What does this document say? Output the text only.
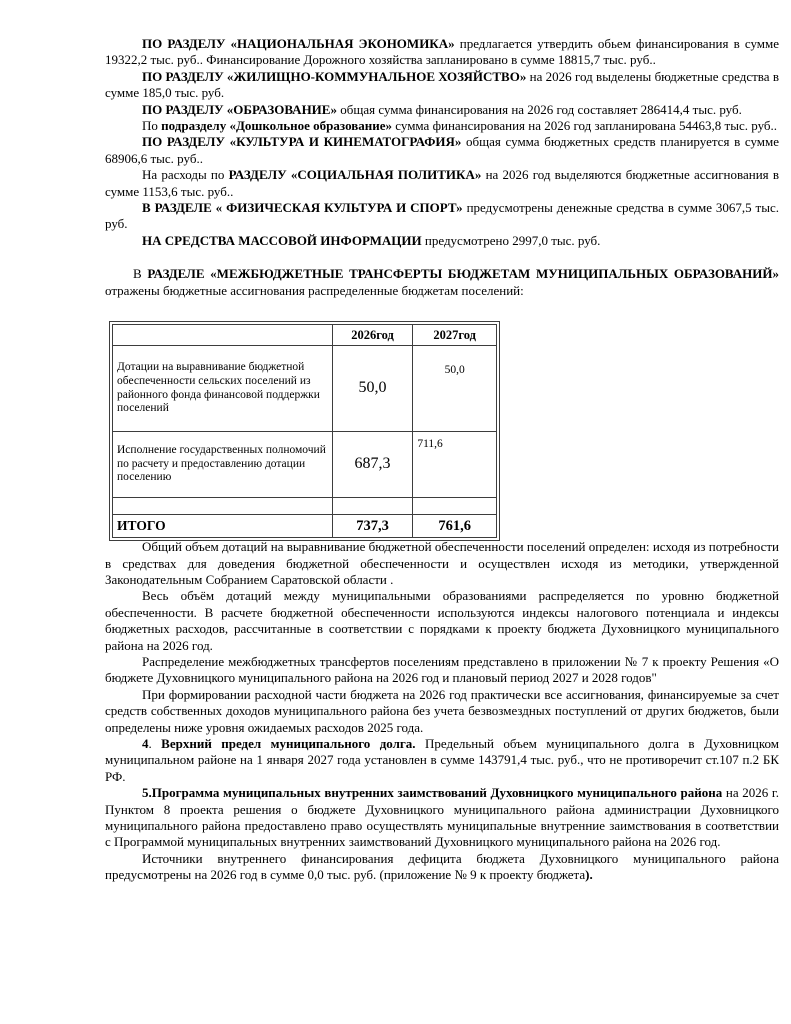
ПО РАЗДЕЛУ «НАЦИОНАЛЬНАЯ ЭКОНОМИКА» предлагается утвердить обьем финансирования в сумме 19322,2 тыс. руб.. Финансирование Дорожного хозяйства запланировано в сумме 18815,7 тыс. руб..

ПО РАЗДЕЛУ «ЖИЛИЩНО-КОММУНАЛЬНОЕ ХОЗЯЙСТВО» на 2026 год выделены бюджетные средства в сумме 185,0 тыс. руб.

ПО РАЗДЕЛУ «ОБРАЗОВАНИЕ» общая сумма финансирования на 2026 год составляет 286414,4 тыс. руб.

По подразделу «Дошкольное образование» сумма финансирования на 2026 год запланирована 54463,8 тыс. руб..

ПО РАЗДЕЛУ «КУЛЬТУРА И КИНЕМАТОГРАФИЯ» общая сумма бюджетных средств планируется в сумме 68906,6 тыс. руб..

На расходы по РАЗДЕЛУ «СОЦИАЛЬНАЯ ПОЛИТИКА» на 2026 год выделяются бюджетные ассигнования в сумме 1153,6 тыс. руб..

В РАЗДЕЛЕ « ФИЗИЧЕСКАЯ КУЛЬТУРА И СПОРТ» предусмотрены денежные средства в сумме 3067,5 тыс. руб.

НА СРЕДСТВА МАССОВОЙ ИНФОРМАЦИИ предусмотрено 2997,0 тыс. руб.

В РАЗДЕЛЕ «МЕЖБЮДЖЕТНЫЕ ТРАНСФЕРТЫ БЮДЖЕТАМ МУНИЦИПАЛЬНЫХ ОБРАЗОВАНИЙ» отражены бюджетные ассигнования распределенные бюджетам поселений:

	2026год	2027год
Дотации на выравнивание бюджетной обеспеченности сельских поселений из районного фонда финансовой поддержки поселений	50,0	50,0
Исполнение государственных полномочий по расчету и предоставлению дотации поселению	687,3	711,6

ИТОГО	737,3	761,6

Общий объем дотаций на выравнивание бюджетной обеспеченности поселений определен: исходя из потребности в средствах для доведения бюджетной обеспеченности и осуществлен исходя из методики, утвержденной Законодательным Собранием Саратовской области .

Весь объём дотаций между муниципальными образованиями распределяется по уровню бюджетной обеспеченности. В расчете бюджетной обеспеченности используются индексы налогового потенциала и индексы бюджетных расходов, рассчитанные в соответствии с порядками к проекту бюджета Духовницкого муниципального района на 2026 год.

Распределение межбюджетных трансфертов поселениям представлено в приложении № 7 к проекту Решения «О бюджете Духовницкого муниципального района на 2026 год и плановый период 2027 и 2028 годов"

При формировании расходной части бюджета на 2026 год практически все ассигнования, финансируемые за счет средств собственных доходов муниципального района без учета безвозмездных поступлений от других бюджетов, были определены ниже уровня ожидаемых расходов 2025 года.

4. Верхний предел муниципального долга. Предельный объем муниципального долга в Духовницком муниципальном районе на 1 января 2027 года установлен в сумме 143791,4 тыс. руб., что не противоречит ст.107 п.2 БК РФ.

5.Программа муниципальных внутренних заимствований Духовницкого муниципального района на 2026 г. Пунктом 8 проекта решения о бюджете Духовницкого муниципального района администрации Духовницкого муниципального района предоставлено право осуществлять муниципальные внутренние заимствования в соответствии с Программой муниципальных внутренних заимствований Духовницкого муниципального района на 2026 год.

Источники внутреннего финансирования дефицита бюджета Духовницкого муниципального района предусмотрены на 2026 год в сумме 0,0 тыс. руб. (приложение № 9 к проекту бюджета).
